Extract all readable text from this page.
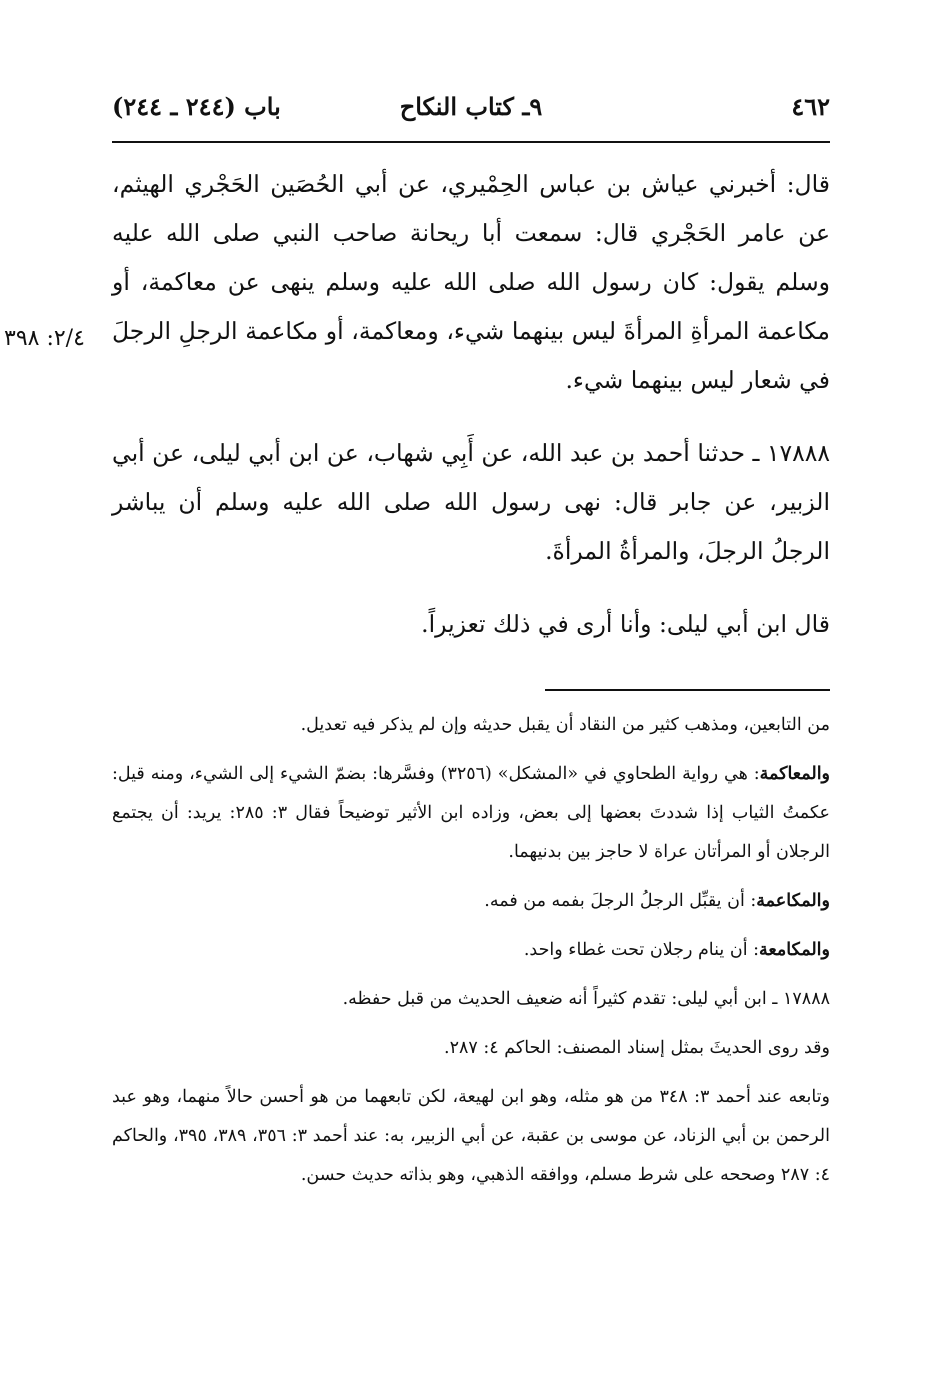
٤٦٢
٩ـ كتاب النكاح
باب (٢٤٤ ـ ٢٤٤)
٢/٤: ٣٩٨

قال: أخبرني عياش بن عباس الحِمْيري، عن أبي الحُصَين الحَجْري الهيثم، عن عامر الحَجْري قال: سمعت أبا ريحانة صاحب النبي صلى الله عليه وسلم يقول: كان رسول الله صلى الله عليه وسلم ينهى عن معاكمة، أو مكاعمة المرأةِ المرأةَ ليس بينهما شيء، ومعاكمة، أو مكاعمة الرجلِ الرجلَ في شعار ليس بينهما شيء.

١٧٨٨٨ ـ حدثنا أحمد بن عبد الله، عن أَبِي شهاب، عن ابن أبي ليلى، عن أبي الزبير، عن جابر قال: نهى رسول الله صلى الله عليه وسلم أن يباشر الرجلُ الرجلَ، والمرأةُ المرأةَ.

قال ابن أبي ليلى: وأنا أرى في ذلك تعزيراً.

من التابعين، ومذهب كثير من النقاد أن يقبل حديثه وإن لم يذكر فيه تعديل.

والمعاكمة: هي رواية الطحاوي في «المشكل» (٣٢٥٦) وفسَّرها: بضمّ الشيء إلى الشيء، ومنه قيل: عكمتُ الثياب إذا شددتَ بعضها إلى بعض، وزاده ابن الأثير توضيحاً فقال ٣: ٢٨٥: يريد: أن يجتمع الرجلان أو المرأتان عراة لا حاجز بين بدنيهما.

والمكاعمة: أن يقبِّل الرجلُ الرجلَ بفمه من فمه.

والمكامعة: أن ينام رجلان تحت غطاء واحد.

١٧٨٨٨ ـ ابن أبي ليلى: تقدم كثيراً أنه ضعيف الحديث من قبل حفظه.

وقد روى الحديثَ بمثل إسناد المصنف: الحاكم ٤: ٢٨٧.

وتابعه عند أحمد ٣: ٣٤٨ من هو مثله، وهو ابن لهيعة، لكن تابعهما من هو أحسن حالاً منهما، وهو عبد الرحمن بن أبي الزناد، عن موسى بن عقبة، عن أبي الزبير، به: عند أحمد ٣: ٣٥٦، ٣٨٩، ٣٩٥، والحاكم ٤: ٢٨٧ وصححه على شرط مسلم، ووافقه الذهبي، وهو بذاته حديث حسن.
